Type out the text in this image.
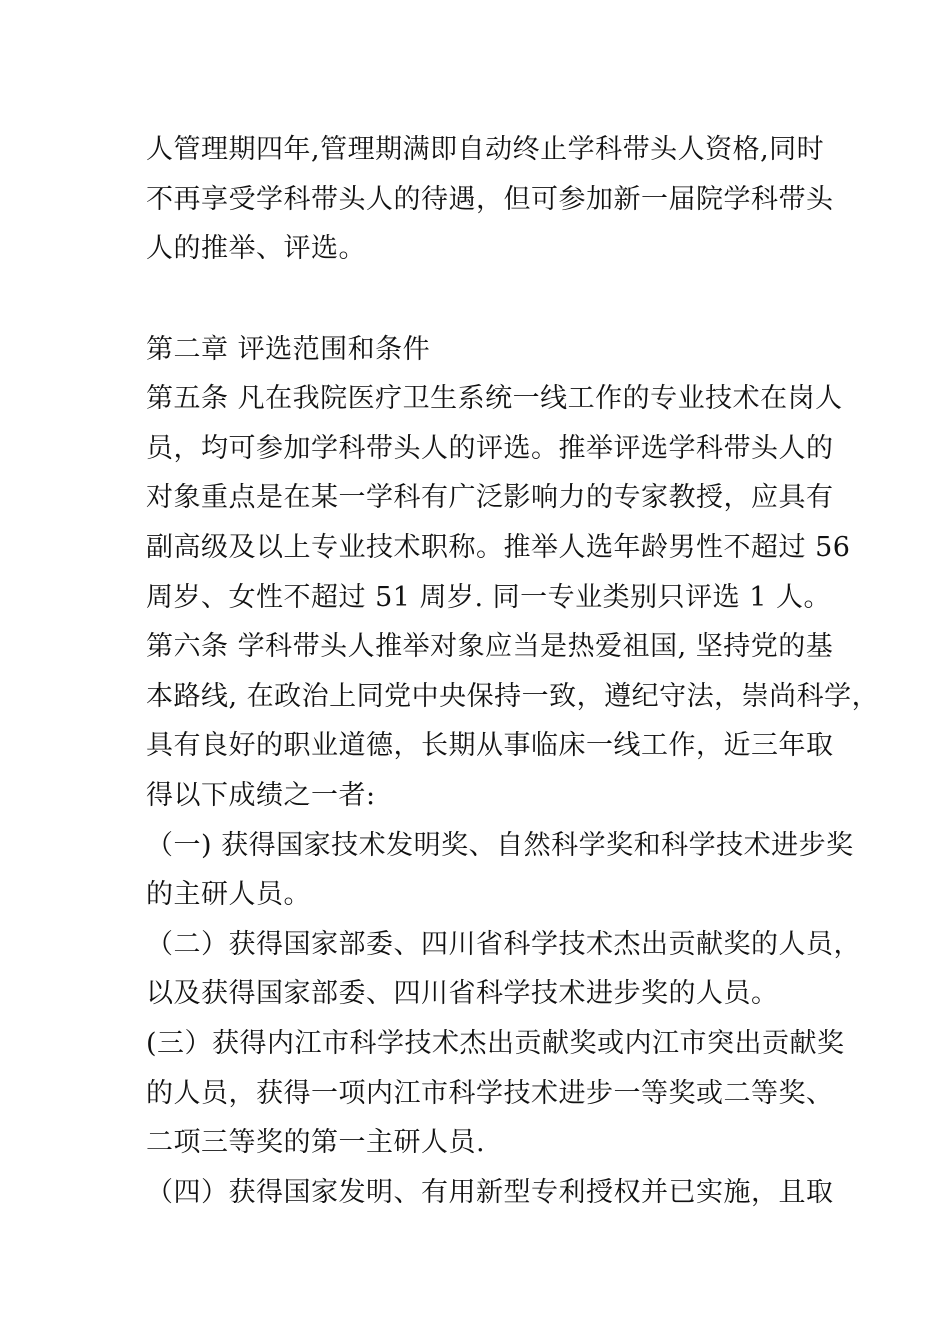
人管理期四年,管理期满即自动终止学科带头人资格,同时
不再享受学科带头人的待遇，但可参加新一届院学科带头
人的推举、评选。
第二章 评选范围和条件
第五条 凡在我院医疗卫生系统一线工作的专业技术在岗人
员，均可参加学科带头人的评选。推举评选学科带头人的
对象重点是在某一学科有广泛影响力的专家教授，应具有
副高级及以上专业技术职称。推举人选年龄男性不超过 56
周岁、女性不超过 51 周岁. 同一专业类别只评选 1 人。
第六条 学科带头人推举对象应当是热爱祖国, 坚持党的基
本路线, 在政治上同党中央保持一致，遵纪守法，崇尚科学，
具有良好的职业道德，长期从事临床一线工作，近三年取
得以下成绩之一者:
（一) 获得国家技术发明奖、自然科学奖和科学技术进步奖
的主研人员。
（二）获得国家部委、四川省科学技术杰出贡献奖的人员，
以及获得国家部委、四川省科学技术进步奖的人员。
(三）获得内江市科学技术杰出贡献奖或内江市突出贡献奖
的人员，获得一项内江市科学技术进步一等奖或二等奖、
二项三等奖的第一主研人员.
（四）获得国家发明、有用新型专利授权并已实施，且取
